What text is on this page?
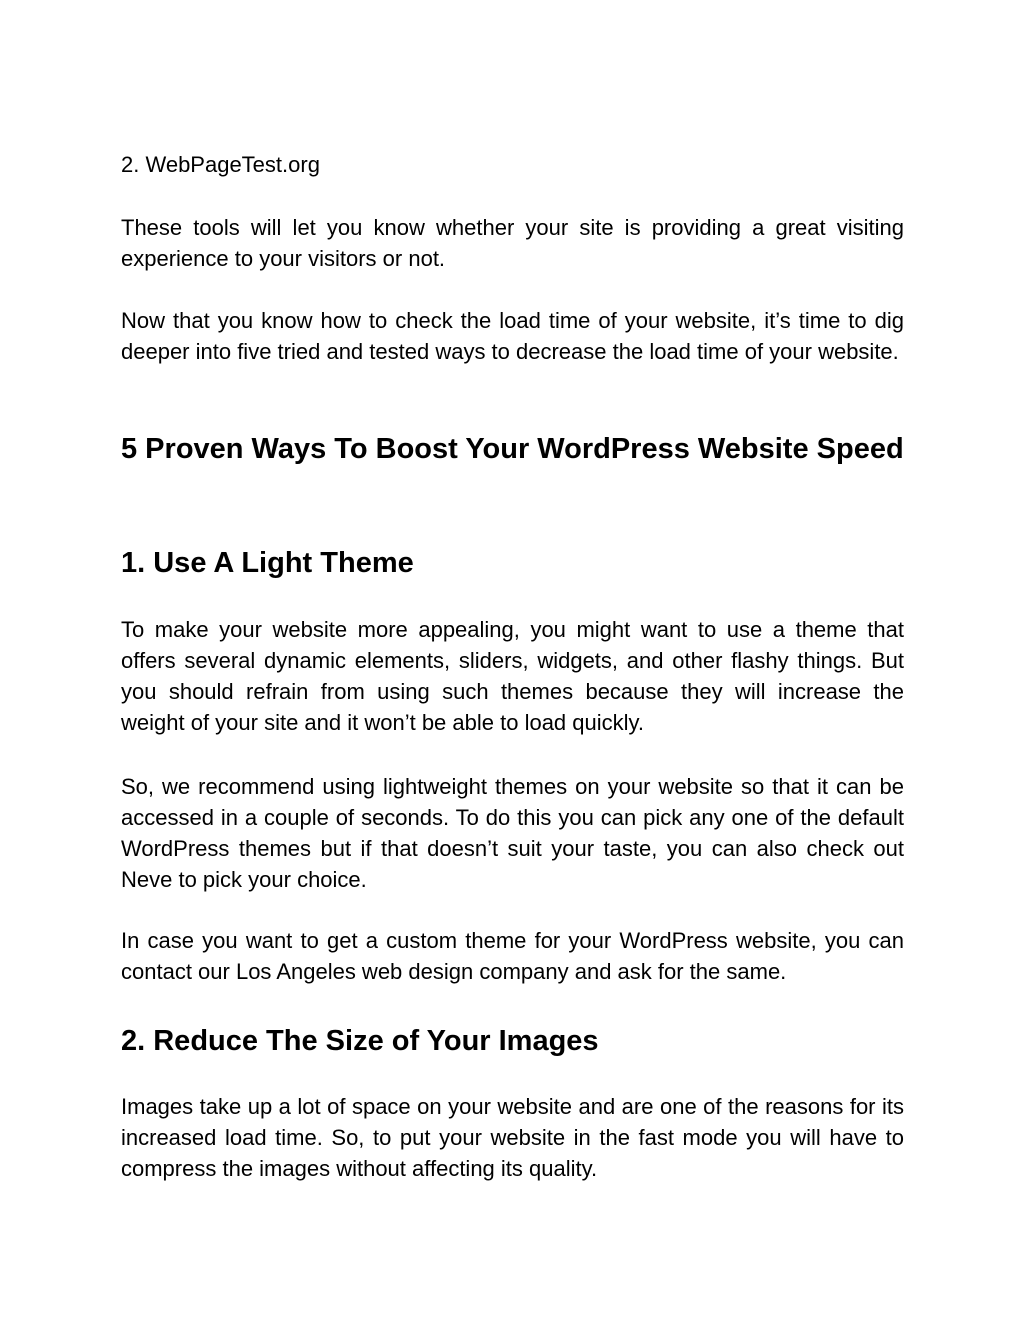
2. WebPageTest.org

These tools will let you know whether your site is providing a great visiting experience to your visitors or not.

Now that you know how to check the load time of your website, it’s time to dig deeper into five tried and tested ways to decrease the load time of your website.

5 Proven Ways To Boost Your WordPress Website Speed
1. Use A Light Theme

To make your website more appealing, you might want to use a theme that offers several dynamic elements, sliders, widgets, and other flashy things. But you should refrain from using such themes because they will increase the weight of your site and it won’t be able to load quickly.

So, we recommend using lightweight themes on your website so that it can be accessed in a couple of seconds. To do this you can pick any one of the default WordPress themes but if that doesn’t suit your taste, you can also check out Neve to pick your choice.

In case you want to get a custom theme for your WordPress website, you can contact our Los Angeles web design company and ask for the same.

2. Reduce The Size of Your Images

Images take up a lot of space on your website and are one of the reasons for its increased load time. So, to put your website in the fast mode you will have to compress the images without affecting its quality.
